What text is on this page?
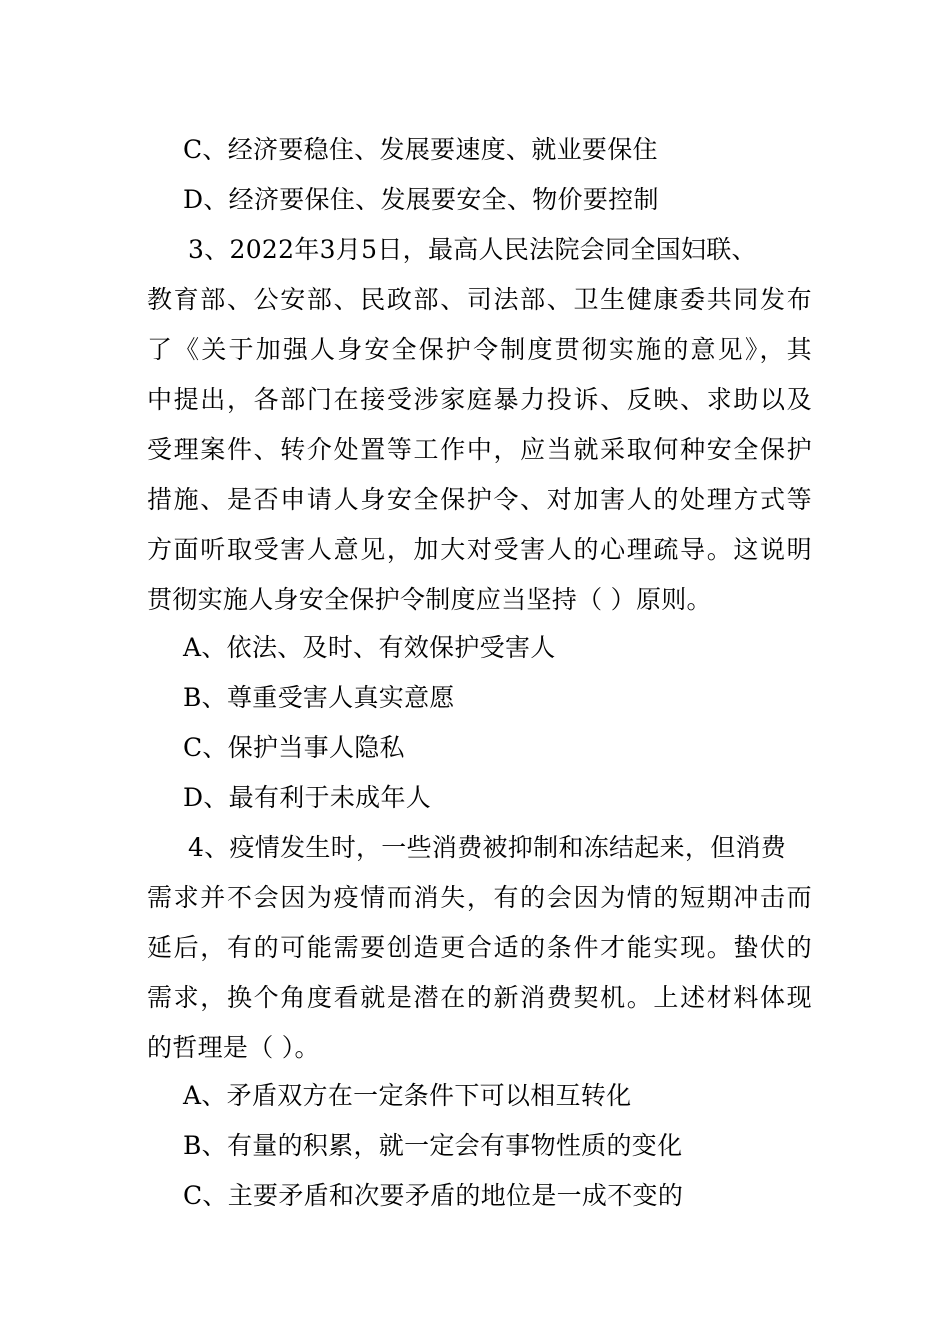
C、经济要稳住、发展要速度、就业要保住
D、经济要保住、发展要安全、物价要控制
3、2022年3月5日，最高人民法院会同全国妇联、
教育部、公安部、民政部、司法部、卫生健康委共同发布
了《关于加强人身安全保护令制度贯彻实施的意见》，其
中提出，各部门在接受涉家庭暴力投诉、反映、求助以及
受理案件、转介处置等工作中，应当就采取何种安全保护
措施、是否申请人身安全保护令、对加害人的处理方式等
方面听取受害人意见，加大对受害人的心理疏导。这说明
贯彻实施人身安全保护令制度应当坚持（ ）原则。
A、依法、及时、有效保护受害人
B、尊重受害人真实意愿
C、保护当事人隐私
D、最有利于未成年人
4、疫情发生时，一些消费被抑制和冻结起来，但消费
需求并不会因为疫情而消失，有的会因为情的短期冲击而
延后，有的可能需要创造更合适的条件才能实现。蛰伏的
需求，换个角度看就是潜在的新消费契机。上述材料体现
的哲理是（ ）。
A、矛盾双方在一定条件下可以相互转化
B、有量的积累，就一定会有事物性质的变化
C、主要矛盾和次要矛盾的地位是一成不变的
